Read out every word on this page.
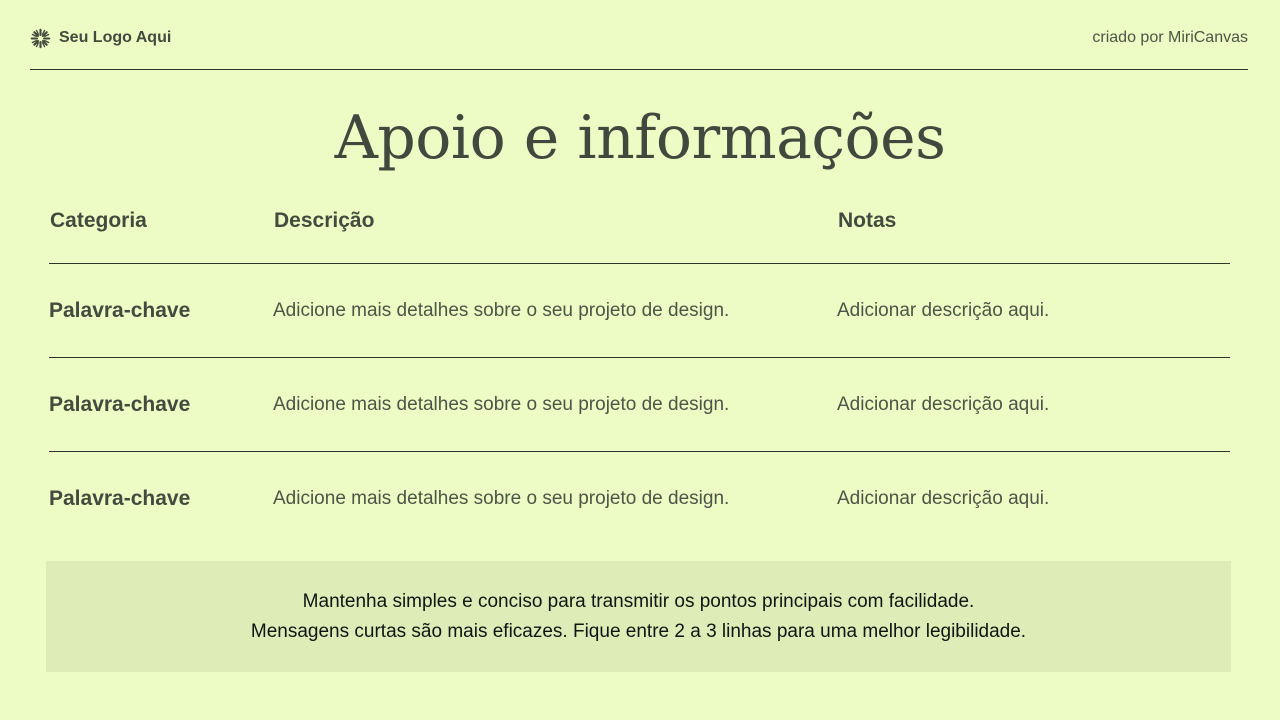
Seu Logo Aqui	criado por MiriCanvas
Apoio e informações
Categoria	Descrição	Notas
Palavra-chave	Adicione mais detalhes sobre o seu projeto de design.	Adicionar descrição aqui.
Palavra-chave	Adicione mais detalhes sobre o seu projeto de design.	Adicionar descrição aqui.
Palavra-chave	Adicione mais detalhes sobre o seu projeto de design.	Adicionar descrição aqui.
Mantenha simples e conciso para transmitir os pontos principais com facilidade.
Mensagens curtas são mais eficazes. Fique entre 2 a 3 linhas para uma melhor legibilidade.
